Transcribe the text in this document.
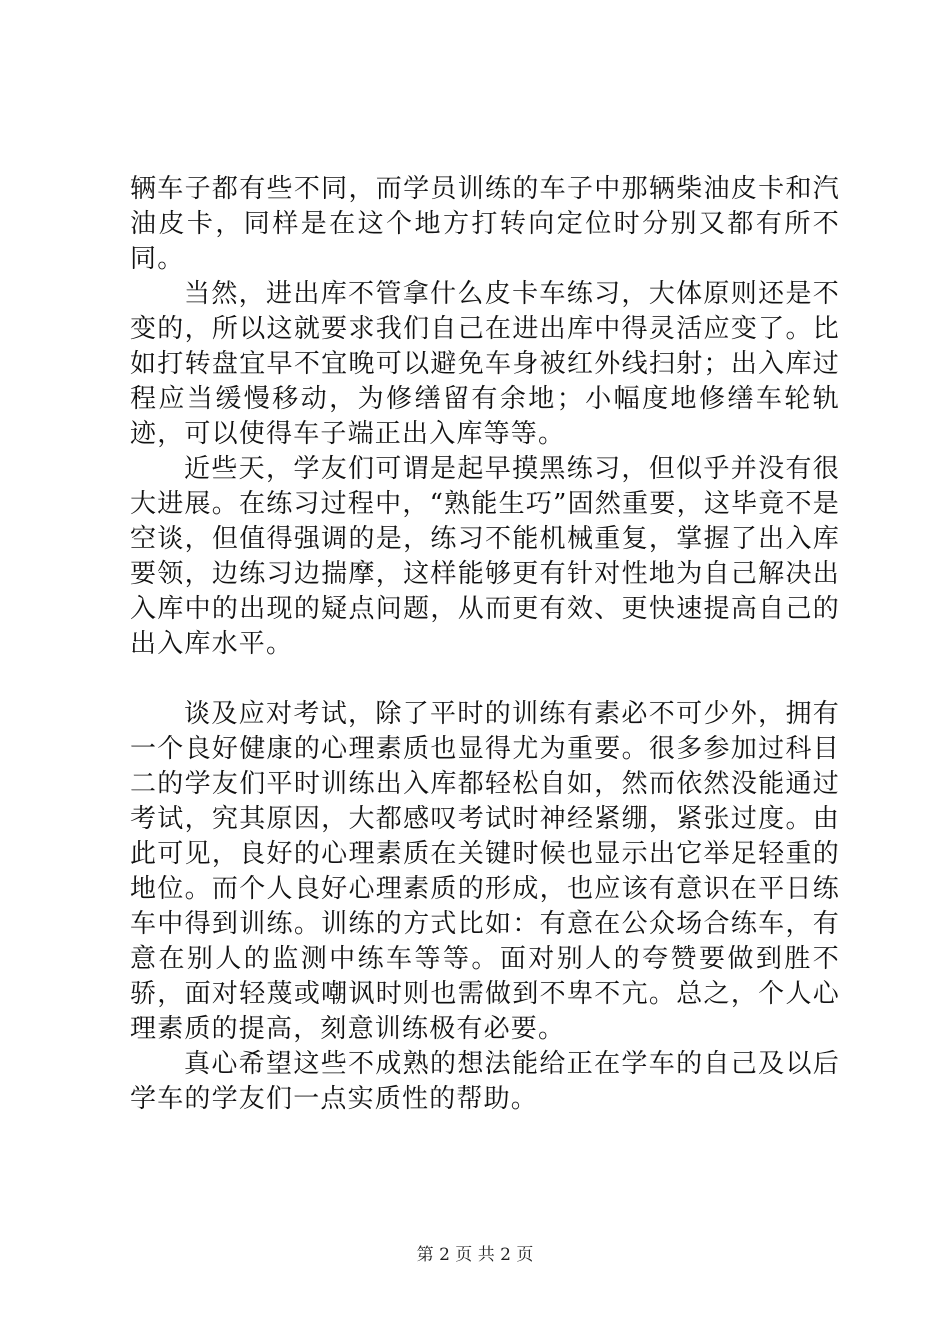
辆车子都有些不同，而学员训练的车子中那辆柴油皮卡和汽油皮卡，同样是在这个地方打转向定位时分别又都有所不同。

当然，进出库不管拿什么皮卡车练习，大体原则还是不变的，所以这就要求我们自己在进出库中得灵活应变了。比如打转盘宜早不宜晚可以避免车身被红外线扫射；出入库过程应当缓慢移动，为修缮留有余地；小幅度地修缮车轮轨迹，可以使得车子端正出入库等等。

近些天，学友们可谓是起早摸黑练习，但似乎并没有很大进展。在练习过程中，“熟能生巧”固然重要，这毕竟不是空谈，但值得强调的是，练习不能机械重复，掌握了出入库要领，边练习边揣摩，这样能够更有针对性地为自己解决出入库中的出现的疑点问题，从而更有效、更快速提高自己的出入库水平。

谈及应对考试，除了平时的训练有素必不可少外，拥有一个良好健康的心理素质也显得尤为重要。很多参加过科目二的学友们平时训练出入库都轻松自如，然而依然没能通过考试，究其原因，大都感叹考试时神经紧绷，紧张过度。由此可见，良好的心理素质在关键时候也显示出它举足轻重的地位。而个人良好心理素质的形成，也应该有意识在平日练车中得到训练。训练的方式比如：有意在公众场合练车，有意在别人的监测中练车等等。面对别人的夸赞要做到胜不骄，面对轻蔑或嘲讽时则也需做到不卑不亢。总之，个人心理素质的提高，刻意训练极有必要。

真心希望这些不成熟的想法能给正在学车的自己及以后学车的学友们一点实质性的帮助。

第 2 页 共 2 页
